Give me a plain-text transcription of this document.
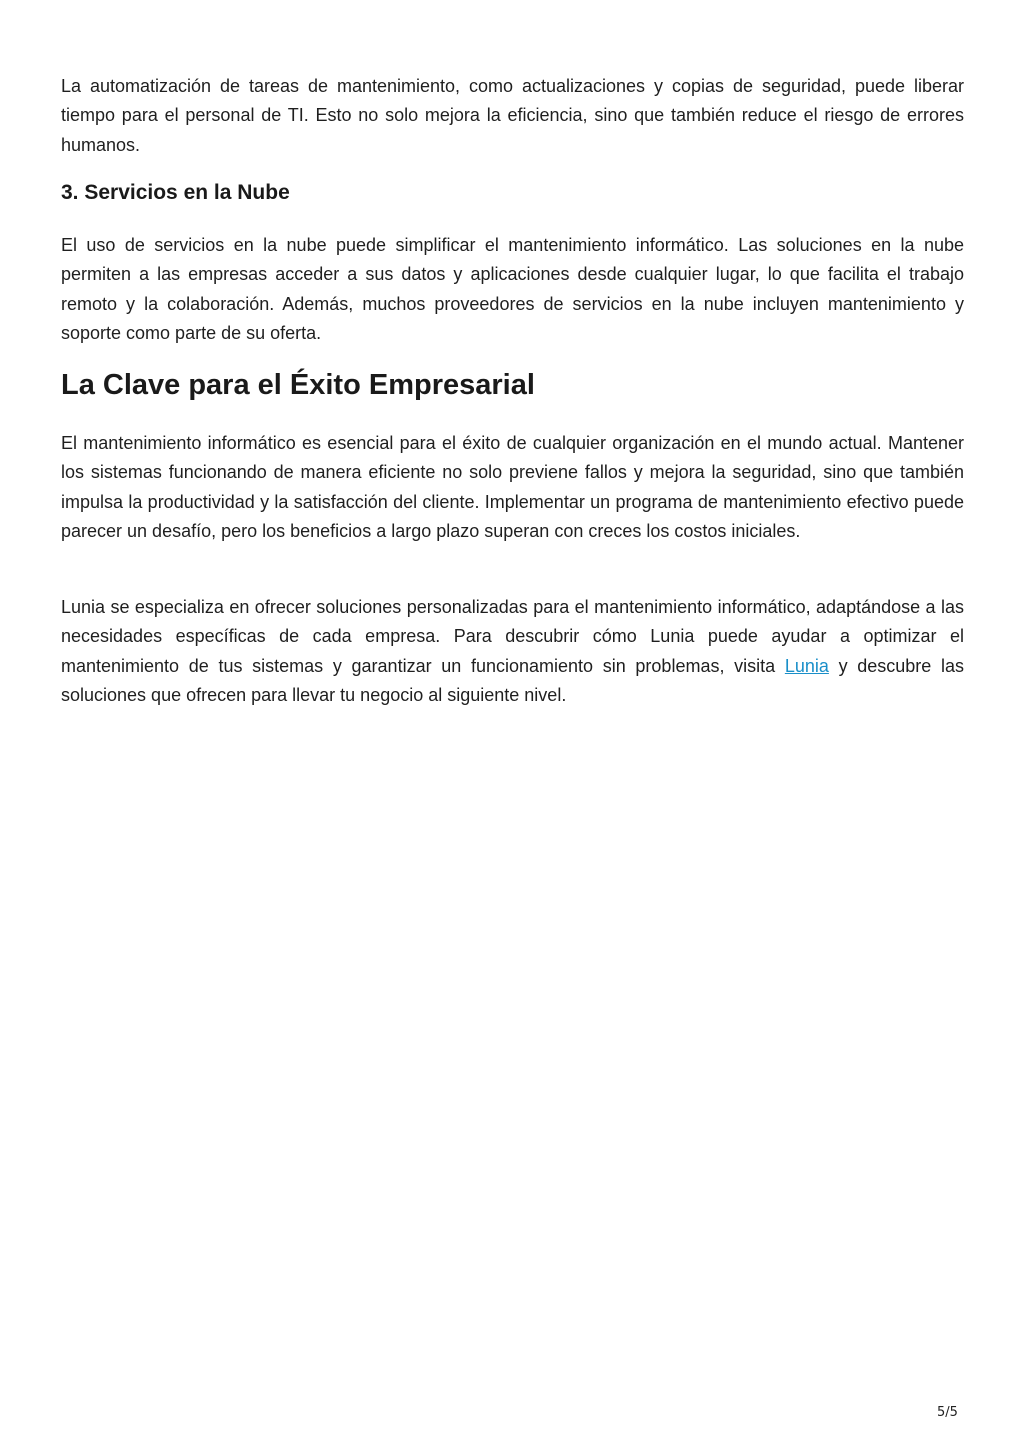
La automatización de tareas de mantenimiento, como actualizaciones y copias de seguridad, puede liberar tiempo para el personal de TI. Esto no solo mejora la eficiencia, sino que también reduce el riesgo de errores humanos.

3. Servicios en la Nube

El uso de servicios en la nube puede simplificar el mantenimiento informático. Las soluciones en la nube permiten a las empresas acceder a sus datos y aplicaciones desde cualquier lugar, lo que facilita el trabajo remoto y la colaboración. Además, muchos proveedores de servicios en la nube incluyen mantenimiento y soporte como parte de su oferta.

La Clave para el Éxito Empresarial

El mantenimiento informático es esencial para el éxito de cualquier organización en el mundo actual. Mantener los sistemas funcionando de manera eficiente no solo previene fallos y mejora la seguridad, sino que también impulsa la productividad y la satisfacción del cliente. Implementar un programa de mantenimiento efectivo puede parecer un desafío, pero los beneficios a largo plazo superan con creces los costos iniciales.

Lunia se especializa en ofrecer soluciones personalizadas para el mantenimiento informático, adaptándose a las necesidades específicas de cada empresa. Para descubrir cómo Lunia puede ayudar a optimizar el mantenimiento de tus sistemas y garantizar un funcionamiento sin problemas, visita Lunia y descubre las soluciones que ofrecen para llevar tu negocio al siguiente nivel.

5/5
